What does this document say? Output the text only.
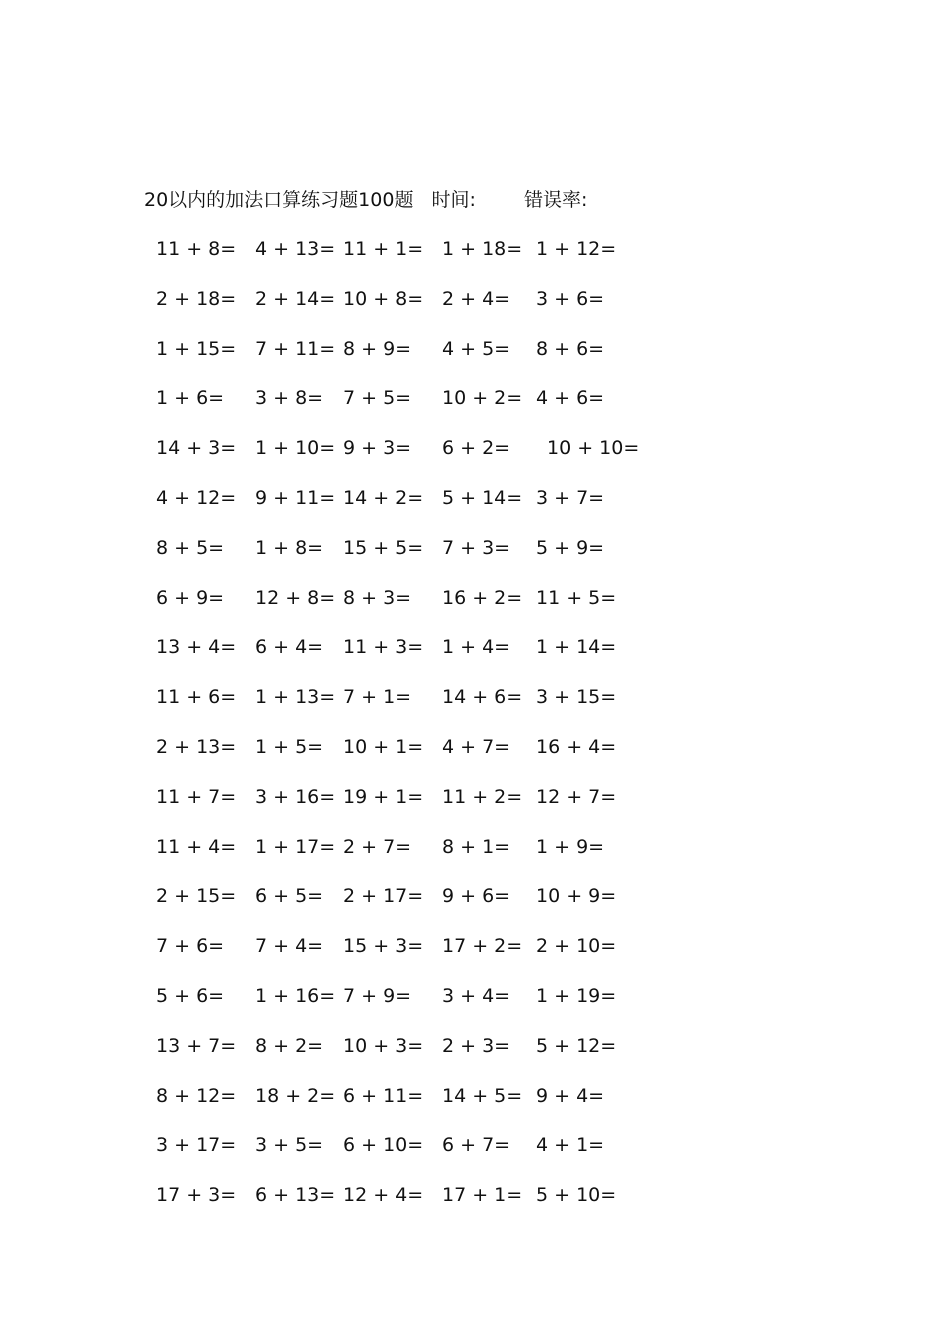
20以内的加法口算练习题100题 时间:	错误率:
11 + 8= 4 + 13= 11 + 1= 1 + 18= 1 + 12=
2 + 18= 2 + 14= 10 + 8= 2 + 4= 3 + 6=
1 + 15= 7 + 11= 8 + 9= 4 + 5= 8 + 6=
1 + 6= 3 + 8= 7 + 5= 10 + 2= 4 + 6=
14 + 3= 1 + 10= 9 + 3= 6 + 2= 10 + 10=
4 + 12= 9 + 11= 14 + 2= 5 + 14= 3 + 7=
8 + 5= 1 + 8= 15 + 5= 7 + 3= 5 + 9=
6 + 9= 12 + 8= 8 + 3= 16 + 2= 11 + 5=
13 + 4= 6 + 4= 11 + 3= 1 + 4= 1 + 14=
11 + 6= 1 + 13= 7 + 1= 14 + 6= 3 + 15=
2 + 13= 1 + 5= 10 + 1= 4 + 7= 16 + 4=
11 + 7= 3 + 16= 19 + 1= 11 + 2= 12 + 7=
11 + 4= 1 + 17= 2 + 7= 8 + 1= 1 + 9=
2 + 15= 6 + 5= 2 + 17= 9 + 6= 10 + 9=
7 + 6= 7 + 4= 15 + 3= 17 + 2= 2 + 10=
5 + 6= 1 + 16= 7 + 9= 3 + 4= 1 + 19=
13 + 7= 8 + 2= 10 + 3= 2 + 3= 5 + 12=
8 + 12= 18 + 2= 6 + 11= 14 + 5= 9 + 4=
3 + 17= 3 + 5= 6 + 10= 6 + 7= 4 + 1=
17 + 3= 6 + 13= 12 + 4= 17 + 1= 5 + 10=
